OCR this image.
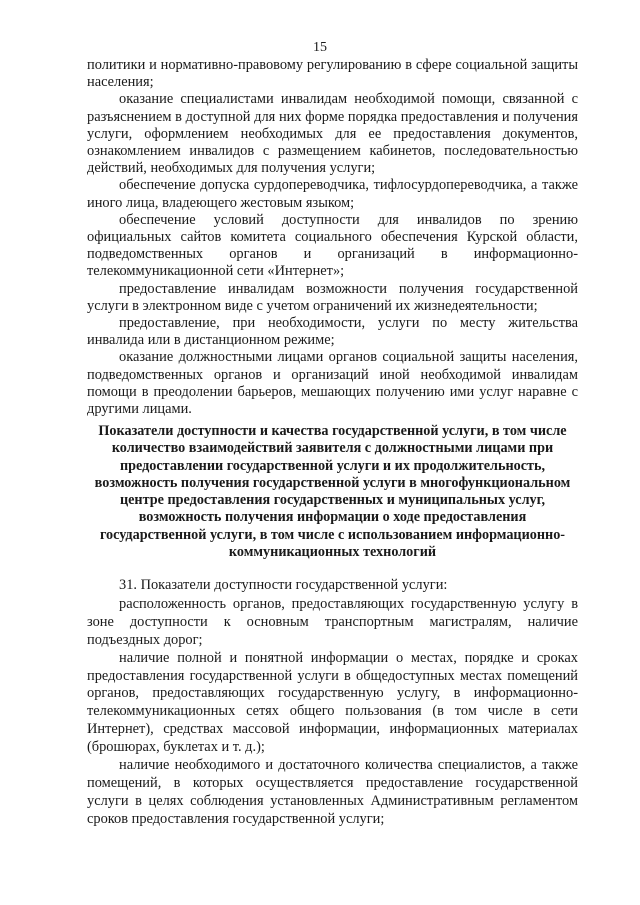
15

политики и нормативно-правовому регулированию в сфере социальной защиты населения;

оказание специалистами инвалидам необходимой помощи, связанной с разъяснением в доступной для них форме порядка предоставления и получения услуги, оформлением необходимых для ее предоставления документов, ознакомлением инвалидов с размещением кабинетов, последовательностью действий, необходимых для получения услуги;

обеспечение допуска сурдопереводчика, тифлосурдопереводчика, а также иного лица, владеющего жестовым языком;

обеспечение условий доступности для инвалидов по зрению официальных сайтов комитета социального обеспечения Курской области, подведомственных органов и организаций в информационно-телекоммуникационной сети «Интернет»;

предоставление инвалидам возможности получения государственной услуги в электронном виде с учетом ограничений их жизнедеятельности;

предоставление, при необходимости, услуги по месту жительства инвалида или в дистанционном режиме;

оказание должностными лицами органов социальной защиты населения, подведомственных органов и организаций иной необходимой инвалидам помощи в преодолении барьеров, мешающих получению ими услуг наравне с другими лицами.

Показатели доступности и качества государственной услуги, в том числе количество взаимодействий заявителя с должностными лицами при предоставлении государственной услуги и их продолжительность, возможность получения государственной услуги в многофункциональном центре предоставления государственных и муниципальных услуг, возможность получения информации о ходе предоставления государственной услуги, в том числе с использованием информационно-коммуникационных технологий

31. Показатели доступности государственной услуги:

расположенность органов, предоставляющих государственную услугу в зоне доступности к основным транспортным магистралям, наличие подъездных дорог;

наличие полной и понятной информации о местах, порядке и сроках предоставления государственной услуги в общедоступных местах помещений органов, предоставляющих государственную услугу, в информационно-телекоммуникационных сетях общего пользования (в том числе в сети Интернет), средствах массовой информации, информационных материалах (брошюрах, буклетах и т. д.);

наличие необходимого и достаточного количества специалистов, а также помещений, в которых осуществляется предоставление государственной услуги в целях соблюдения установленных Административным регламентом сроков предоставления государственной услуги;
